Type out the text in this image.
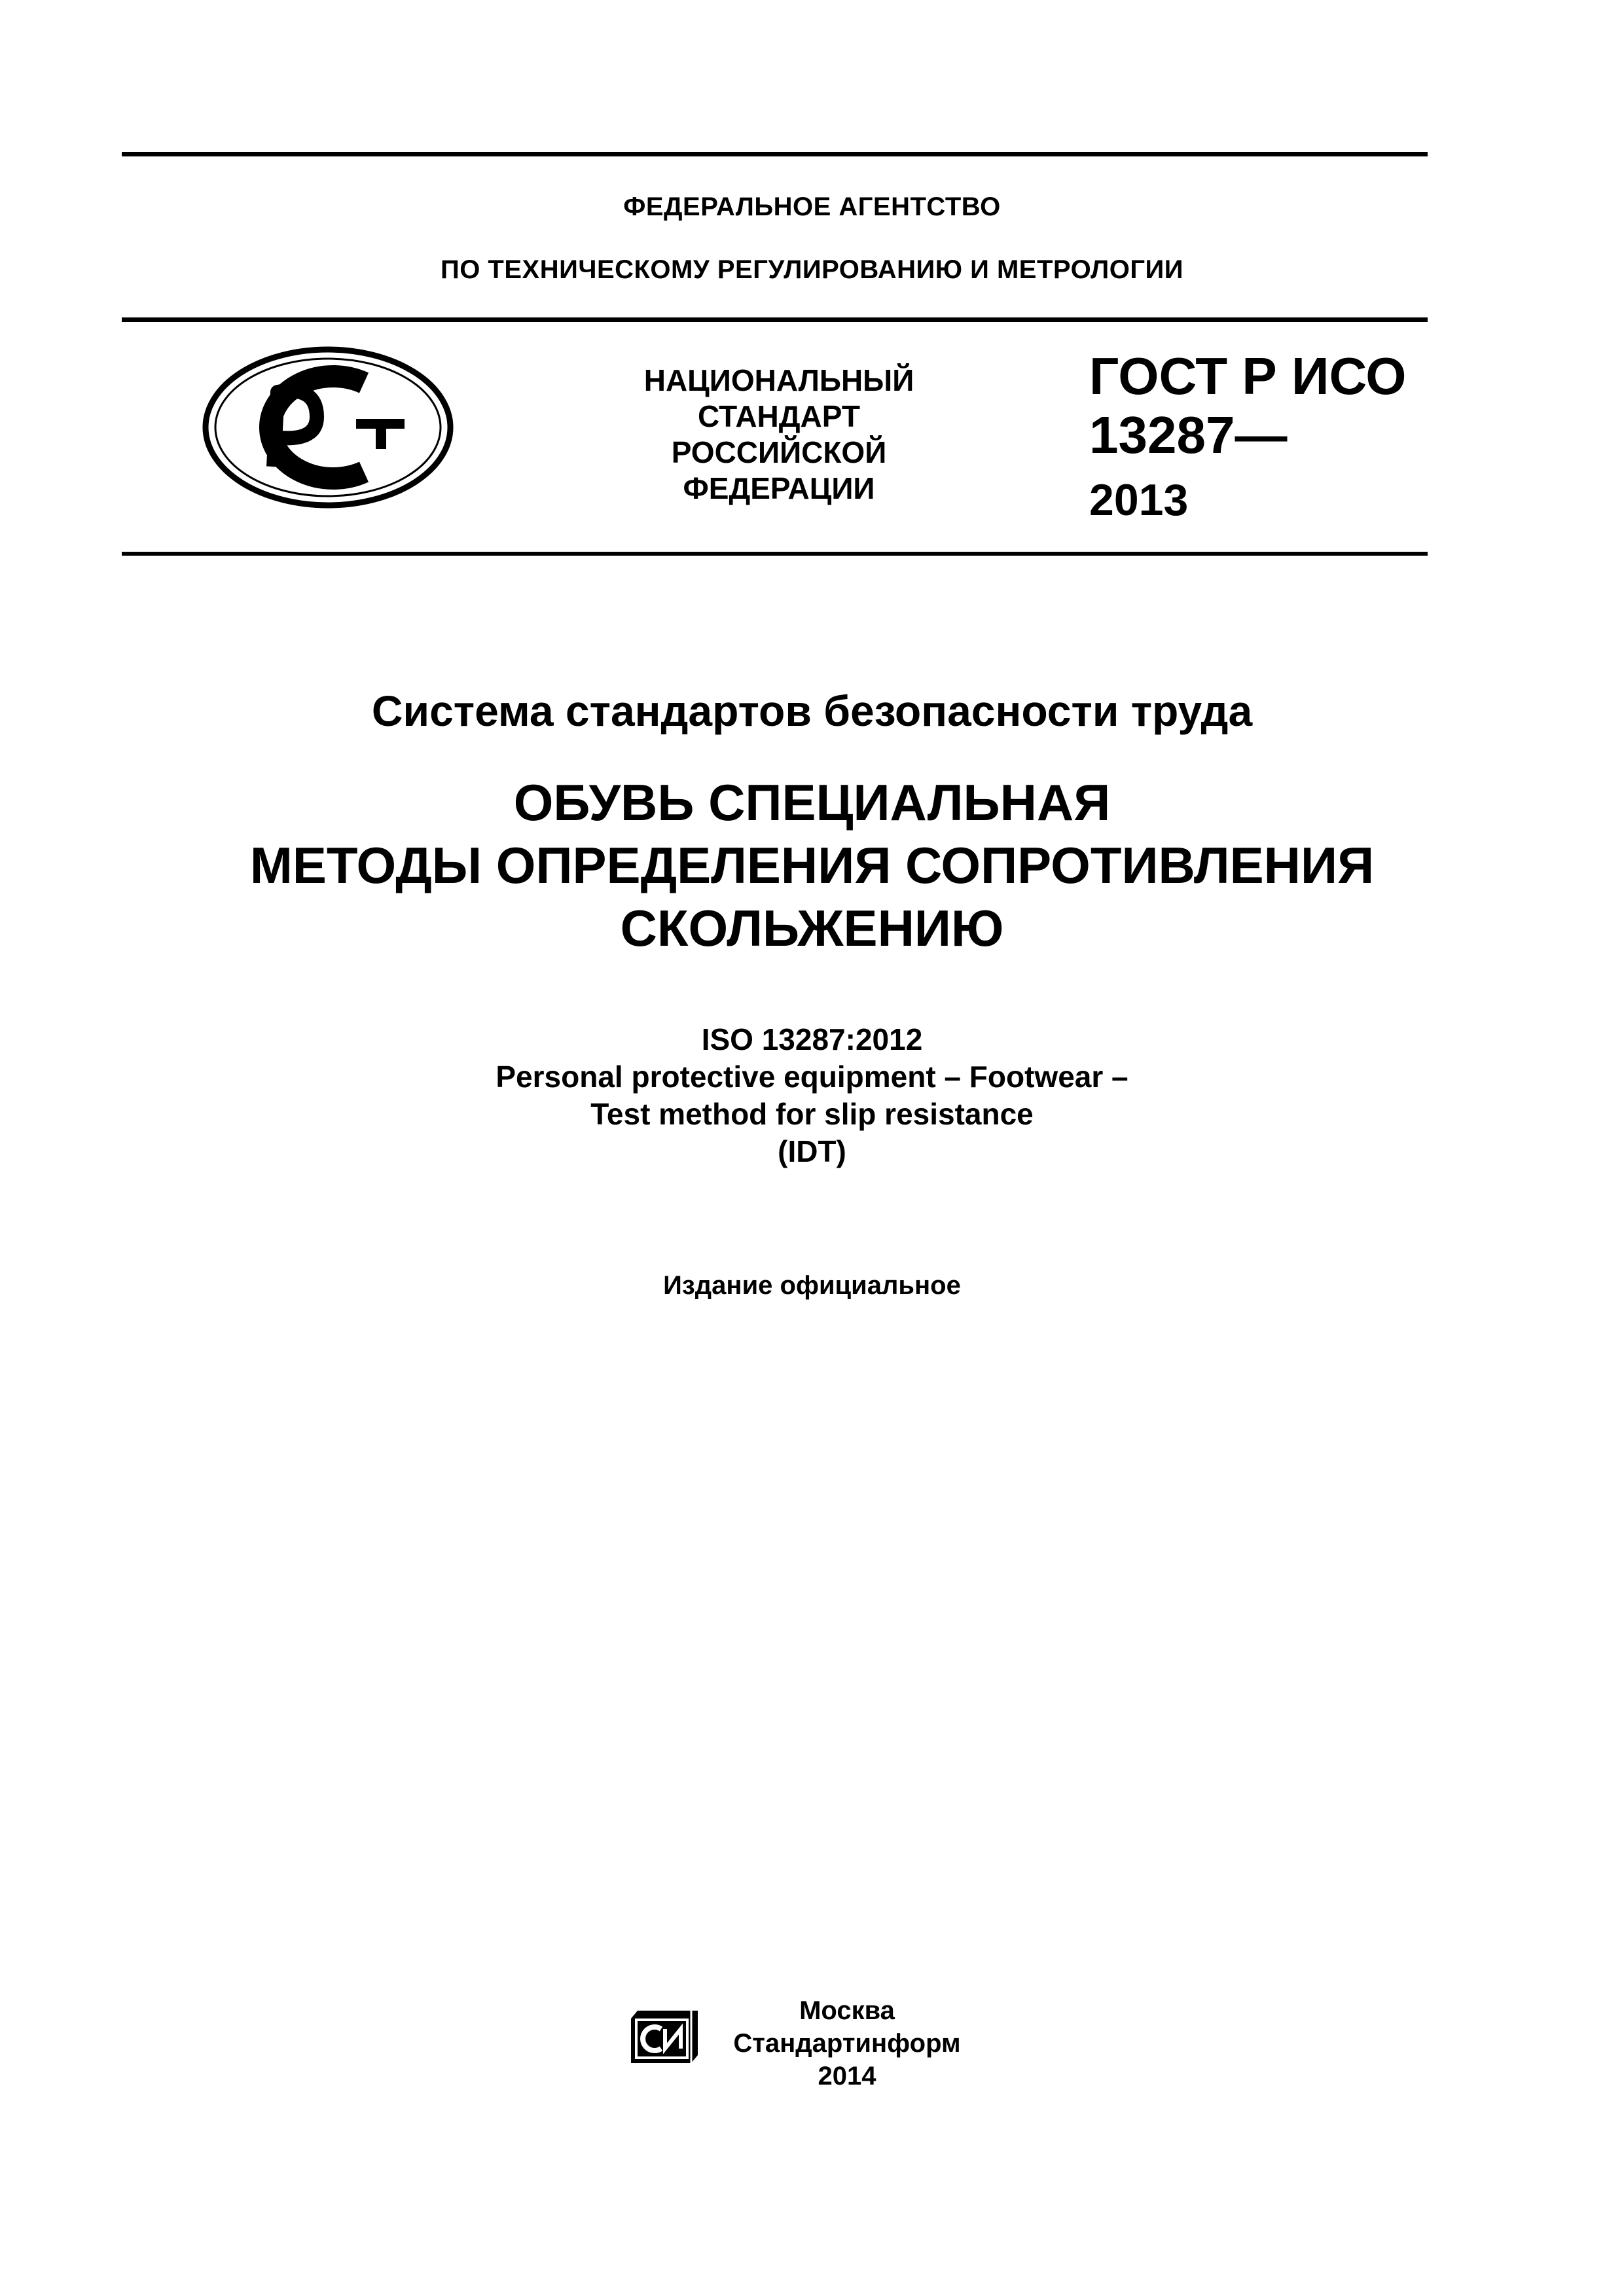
ФЕДЕРАЛЬНОЕ АГЕНТСТВО
ПО ТЕХНИЧЕСКОМУ РЕГУЛИРОВАНИЮ И МЕТРОЛОГИИ
НАЦИОНАЛЬНЫЙ
СТАНДАРТ
РОССИЙСКОЙ
ФЕДЕРАЦИИ
ГОСТ Р ИСО
13287—
2013
Система стандартов безопасности труда
ОБУВЬ СПЕЦИАЛЬНАЯ
МЕТОДЫ ОПРЕДЕЛЕНИЯ СОПРОТИВЛЕНИЯ
СКОЛЬЖЕНИЮ
ISO 13287:2012
Personal protective equipment – Footwear –
Test method for slip resistance
(IDT)
Издание официальное
Москва
Стандартинформ
2014
